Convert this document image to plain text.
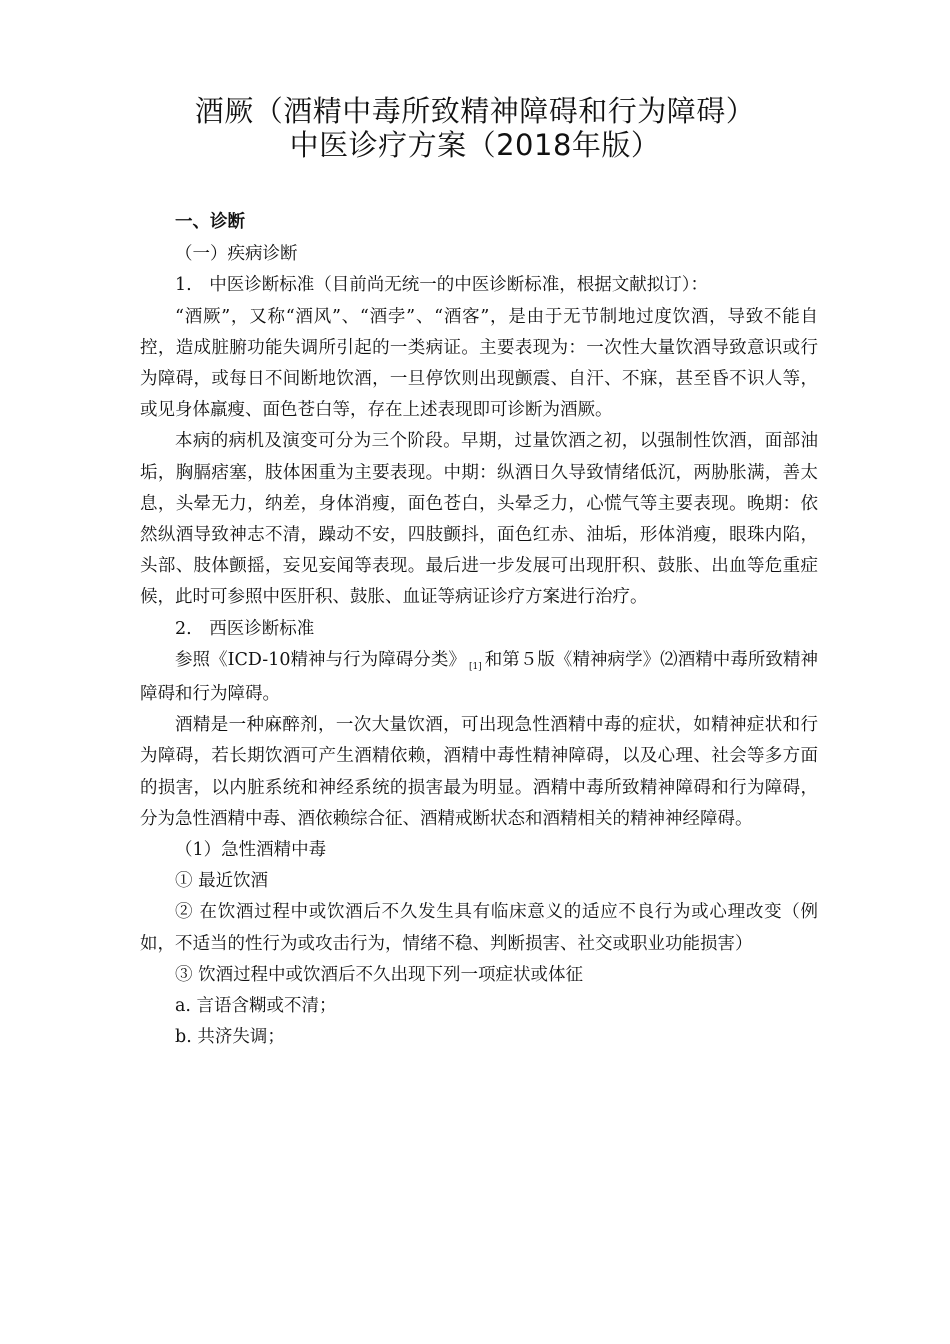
酒厥（酒精中毒所致精神障碍和行为障碍）
中医诊疗方案（2018年版）

一、诊断

（一）疾病诊断

1.　中医诊断标准（目前尚无统一的中医诊断标准，根据文献拟订）：

“酒厥”，又称“酒风”、“酒孛”、“酒客”，是由于无节制地过度饮酒，导致不能自控，造成脏腑功能失调所引起的一类病证。主要表现为：一次性大量饮酒导致意识或行为障碍，或每日不间断地饮酒，一旦停饮则出现颤震、自汗、不寐，甚至昏不识人等，或见身体羸瘦、面色苍白等，存在上述表现即可诊断为酒厥。

本病的病机及演变可分为三个阶段。早期，过量饮酒之初，以强制性饮酒，面部油垢，胸膈痞塞，肢体困重为主要表现。中期：纵酒日久导致情绪低沉，两胁胀满，善太息，头晕无力，纳差，身体消瘦，面色苍白，头晕乏力，心慌气等主要表现。晚期：依然纵酒导致神志不清，躁动不安，四肢颤抖，面色红赤、油垢，形体消瘦，眼珠内陷，头部、肢体颤摇，妄见妄闻等表现。最后进一步发展可出现肝积、鼓胀、出血等危重症候，此时可参照中医肝积、鼓胀、血证等病证诊疗方案进行治疗。

2.　西医诊断标准

参照《ICD-10精神与行为障碍分类》 [1] 和第５版《精神病学》⑵酒精中毒所致精神障碍和行为障碍。

酒精是一种麻醉剂，一次大量饮酒，可出现急性酒精中毒的症状，如精神症状和行为障碍，若长期饮酒可产生酒精依赖，酒精中毒性精神障碍，以及心理、社会等多方面的损害，以内脏系统和神经系统的损害最为明显。酒精中毒所致精神障碍和行为障碍，分为急性酒精中毒、酒依赖综合征、酒精戒断状态和酒精相关的精神神经障碍。

（1）急性酒精中毒

① 最近饮酒

② 在饮酒过程中或饮酒后不久发生具有临床意义的适应不良行为或心理改变（例如，不适当的性行为或攻击行为，情绪不稳、判断损害、社交或职业功能损害）

③ 饮酒过程中或饮酒后不久出现下列一项症状或体征

a. 言语含糊或不清；

b. 共济失调；
